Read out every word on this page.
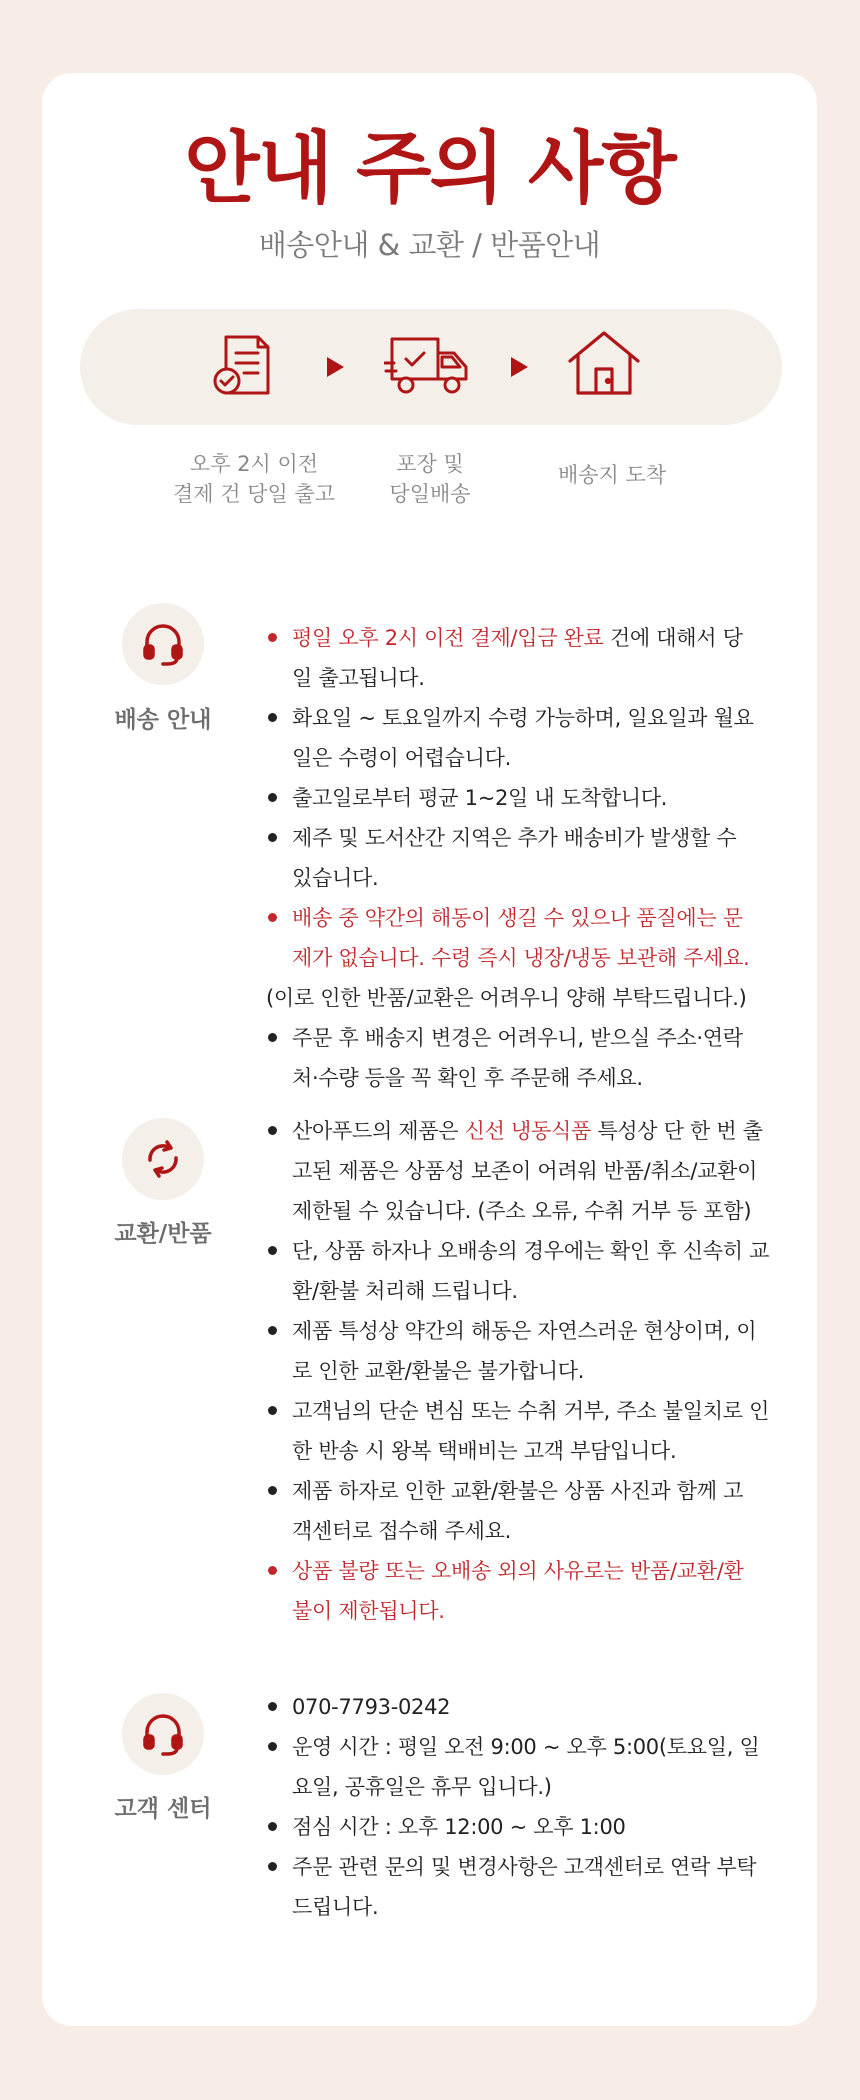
안내 주의 사항
배송안내 & 교환 / 반품안내
오후 2시 이전
결제 건 당일 출고
포장 및
당일배송
배송지 도착
배송 안내
평일 오후 2시 이전 결제/입금 완료 건에 대해서 당
일 출고됩니다.
화요일 ~ 토요일까지 수령 가능하며, 일요일과 월요
일은 수령이 어렵습니다.
출고일로부터 평균 1~2일 내 도착합니다.
제주 및 도서산간 지역은 추가 배송비가 발생할 수
있습니다.
배송 중 약간의 해동이 생길 수 있으나 품질에는 문
제가 없습니다. 수령 즉시 냉장/냉동 보관해 주세요.
(이로 인한 반품/교환은 어려우니 양해 부탁드립니다.)
주문 후 배송지 변경은 어려우니, 받으실 주소·연락
처·수량 등을 꼭 확인 후 주문해 주세요.
교환/반품
산아푸드의 제품은 신선 냉동식품 특성상 단 한 번 출
고된 제품은 상품성 보존이 어려워 반품/취소/교환이
제한될 수 있습니다. (주소 오류, 수취 거부 등 포함)
단, 상품 하자나 오배송의 경우에는 확인 후 신속히 교
환/환불 처리해 드립니다.
제품 특성상 약간의 해동은 자연스러운 현상이며, 이
로 인한 교환/환불은 불가합니다.
고객님의 단순 변심 또는 수취 거부, 주소 불일치로 인
한 반송 시 왕복 택배비는 고객 부담입니다.
제품 하자로 인한 교환/환불은 상품 사진과 함께 고
객센터로 접수해 주세요.
상품 불량 또는 오배송 외의 사유로는 반품/교환/환
불이 제한됩니다.
고객 센터
070-7793-0242
운영 시간 : 평일 오전 9:00 ~ 오후 5:00(토요일, 일
요일, 공휴일은 휴무 입니다.)
점심 시간 : 오후 12:00 ~ 오후 1:00
주문 관련 문의 및 변경사항은 고객센터로 연락 부탁
드립니다.
